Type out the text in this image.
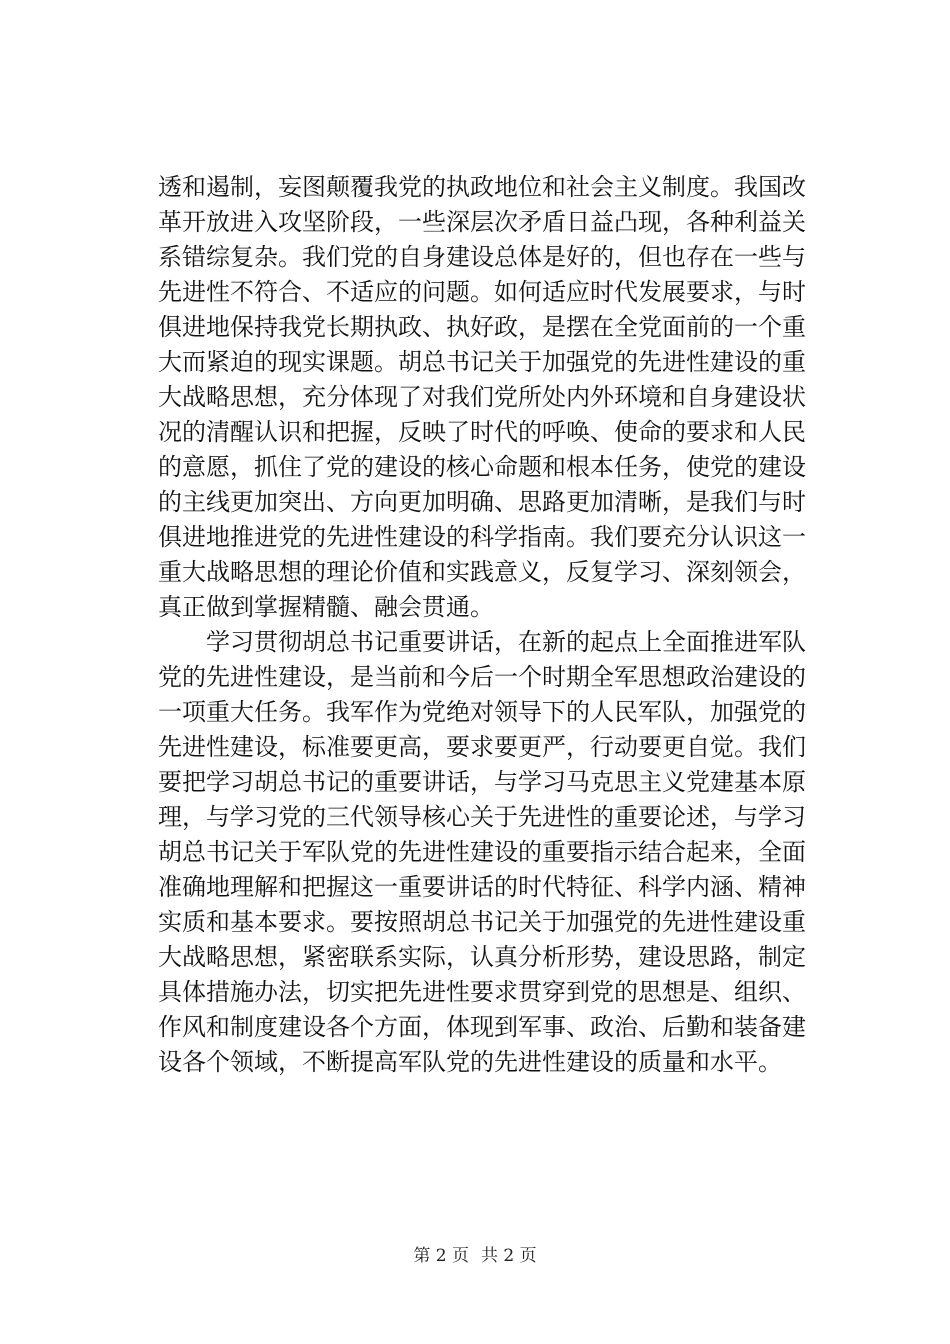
透和遏制，妄图颠覆我党的执政地位和社会主义制度。我国改
革开放进入攻坚阶段，一些深层次矛盾日益凸现，各种利益关
系错综复杂。我们党的自身建设总体是好的，但也存在一些与
先进性不符合、不适应的问题。如何适应时代发展要求，与时
俱进地保持我党长期执政、执好政，是摆在全党面前的一个重
大而紧迫的现实课题。胡总书记关于加强党的先进性建设的重
大战略思想，充分体现了对我们党所处内外环境和自身建设状
况的清醒认识和把握，反映了时代的呼唤、使命的要求和人民
的意愿，抓住了党的建设的核心命题和根本任务，使党的建设
的主线更加突出、方向更加明确、思路更加清晰，是我们与时
俱进地推进党的先进性建设的科学指南。我们要充分认识这一
重大战略思想的理论价值和实践意义，反复学习、深刻领会，
真正做到掌握精髓、融会贯通。
学习贯彻胡总书记重要讲话，在新的起点上全面推进军队
党的先进性建设，是当前和今后一个时期全军思想政治建设的
一项重大任务。我军作为党绝对领导下的人民军队，加强党的
先进性建设，标准要更高，要求要更严，行动要更自觉。我们
要把学习胡总书记的重要讲话，与学习马克思主义党建基本原
理，与学习党的三代领导核心关于先进性的重要论述，与学习
胡总书记关于军队党的先进性建设的重要指示结合起来，全面
准确地理解和把握这一重要讲话的时代特征、科学内涵、精神
实质和基本要求。要按照胡总书记关于加强党的先进性建设重
大战略思想，紧密联系实际，认真分析形势，建设思路，制定
具体措施办法，切实把先进性要求贯穿到党的思想是、组织、
作风和制度建设各个方面，体现到军事、政治、后勤和装备建
设各个领域，不断提高军队党的先进性建设的质量和水平。
第 2 页 共 2 页
